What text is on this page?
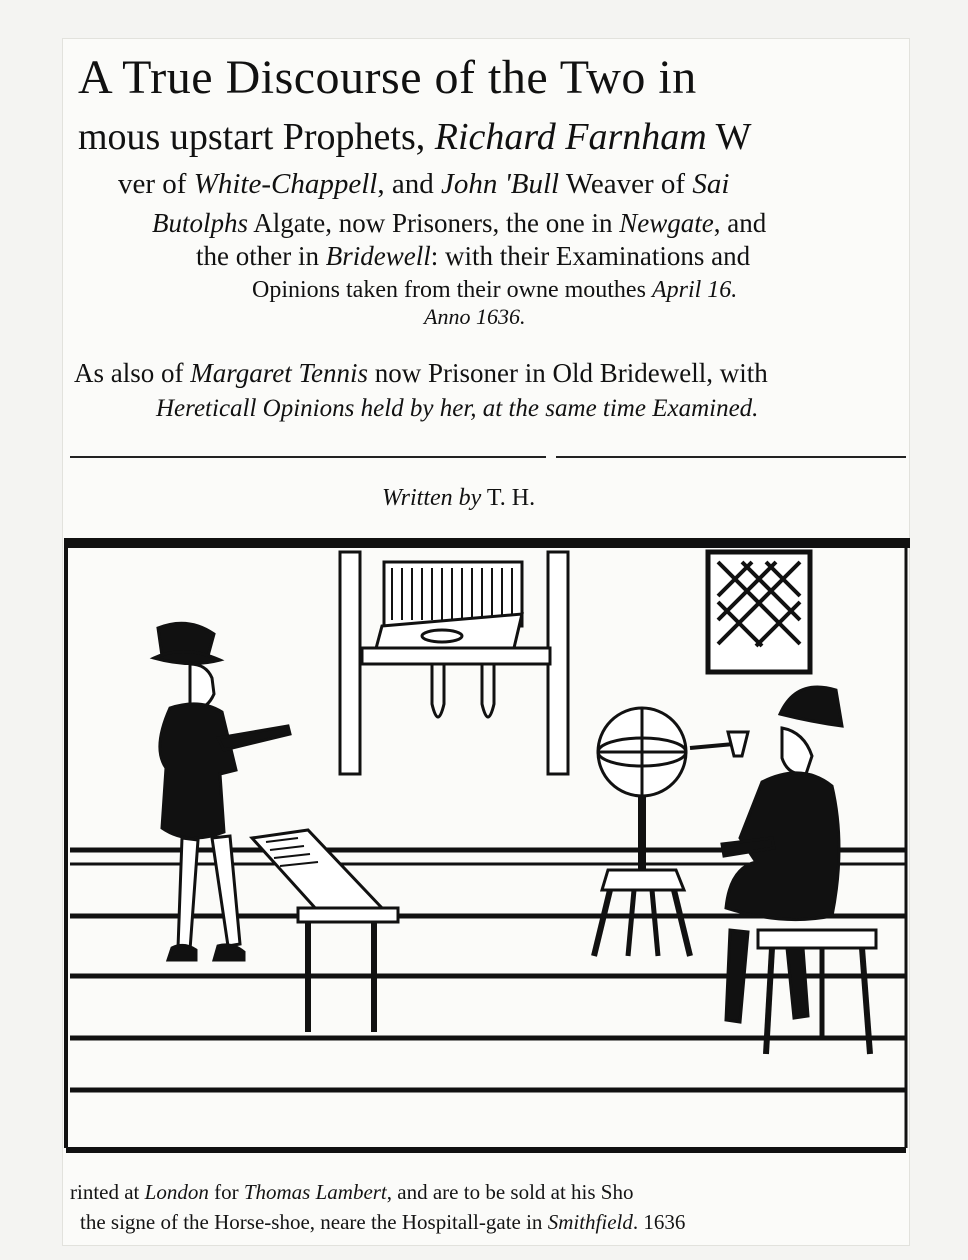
A True Discourse of the Two in
mous upstart Prophets, Richard Farnham W
ver of White-Chappell, and John 'Bull Weaver of Sai
Butolphs Algate, now Prisoners, the one in Newgate, and
the other in Bridewell: with their Examinations and
Opinions taken from their owne mouthes April 16.
Anno 1636.
As also of Margaret Tennis now Prisoner in Old Bridewell, with
Hereticall Opinions held by her, at the same time Examined.
Written by T. H.
rinted at London for Thomas Lambert, and are to be sold at his Sho
the signe of the Horse-shoe, neare the Hospitall-gate in Smithfield. 1636
